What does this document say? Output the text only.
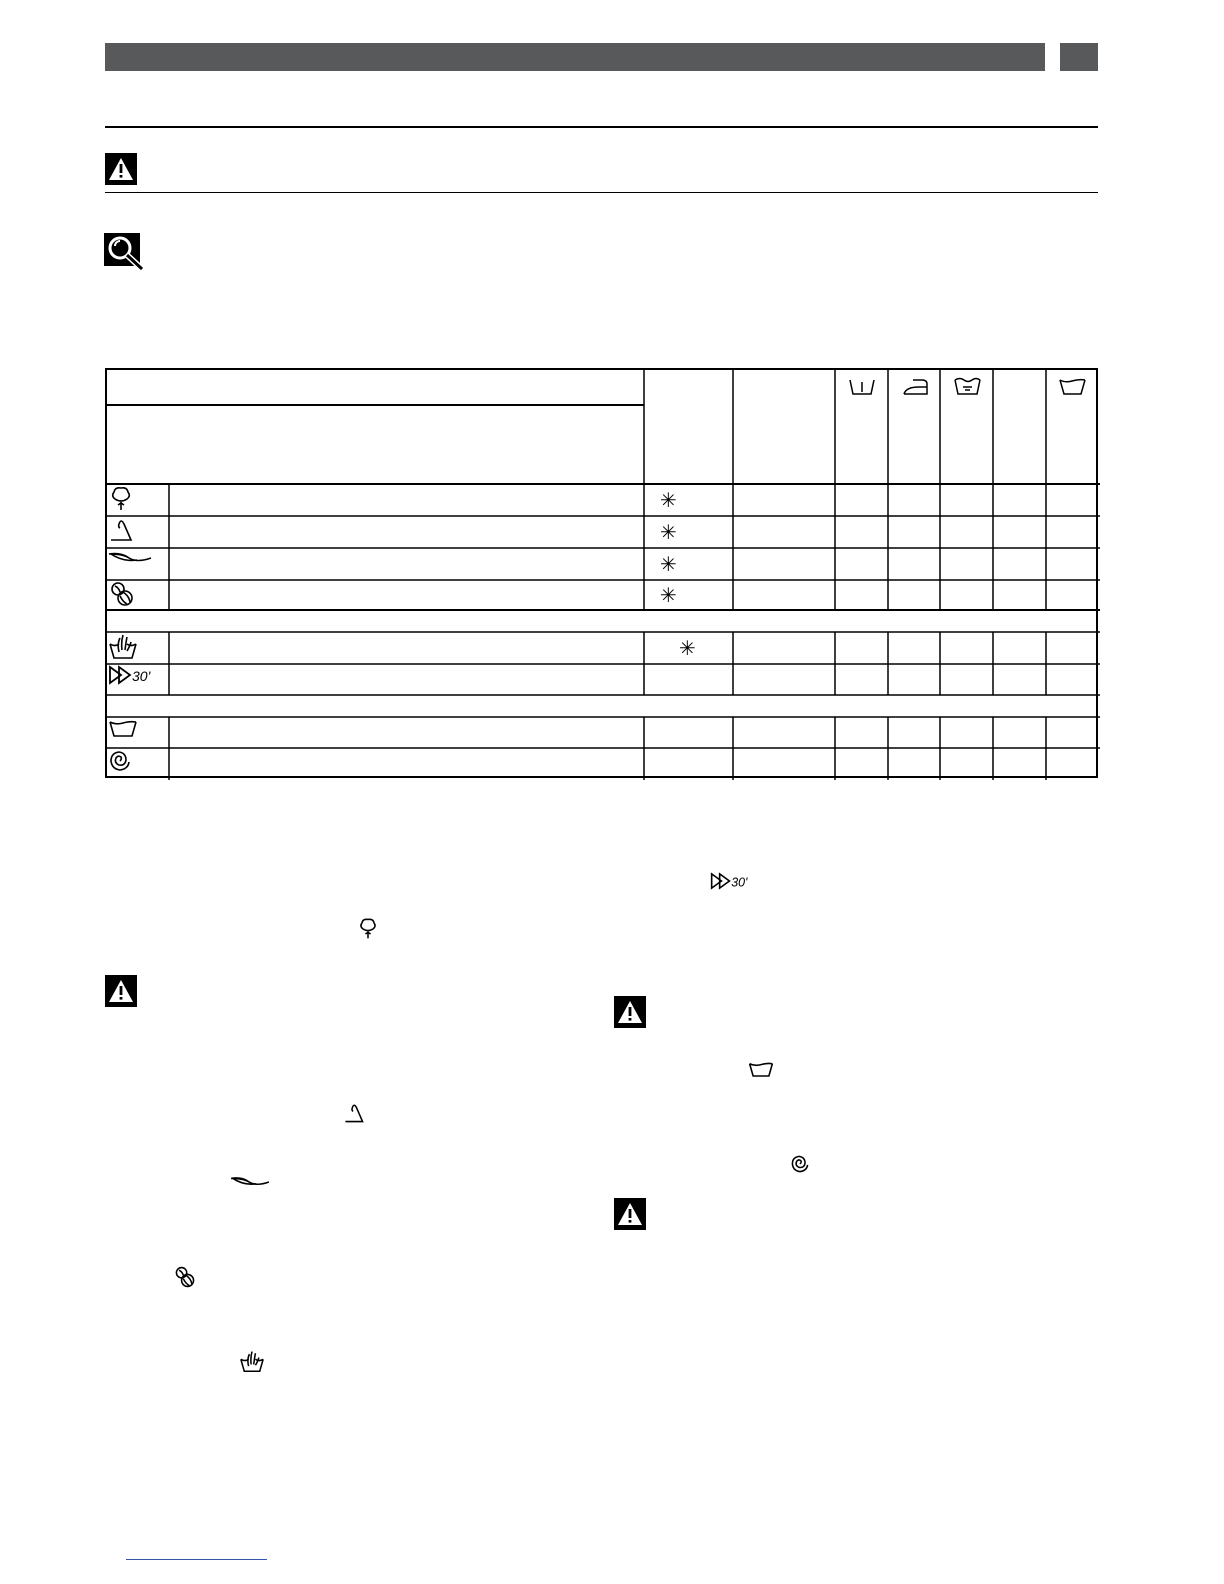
30'
✳
✳
✳
✳
✳
30'
